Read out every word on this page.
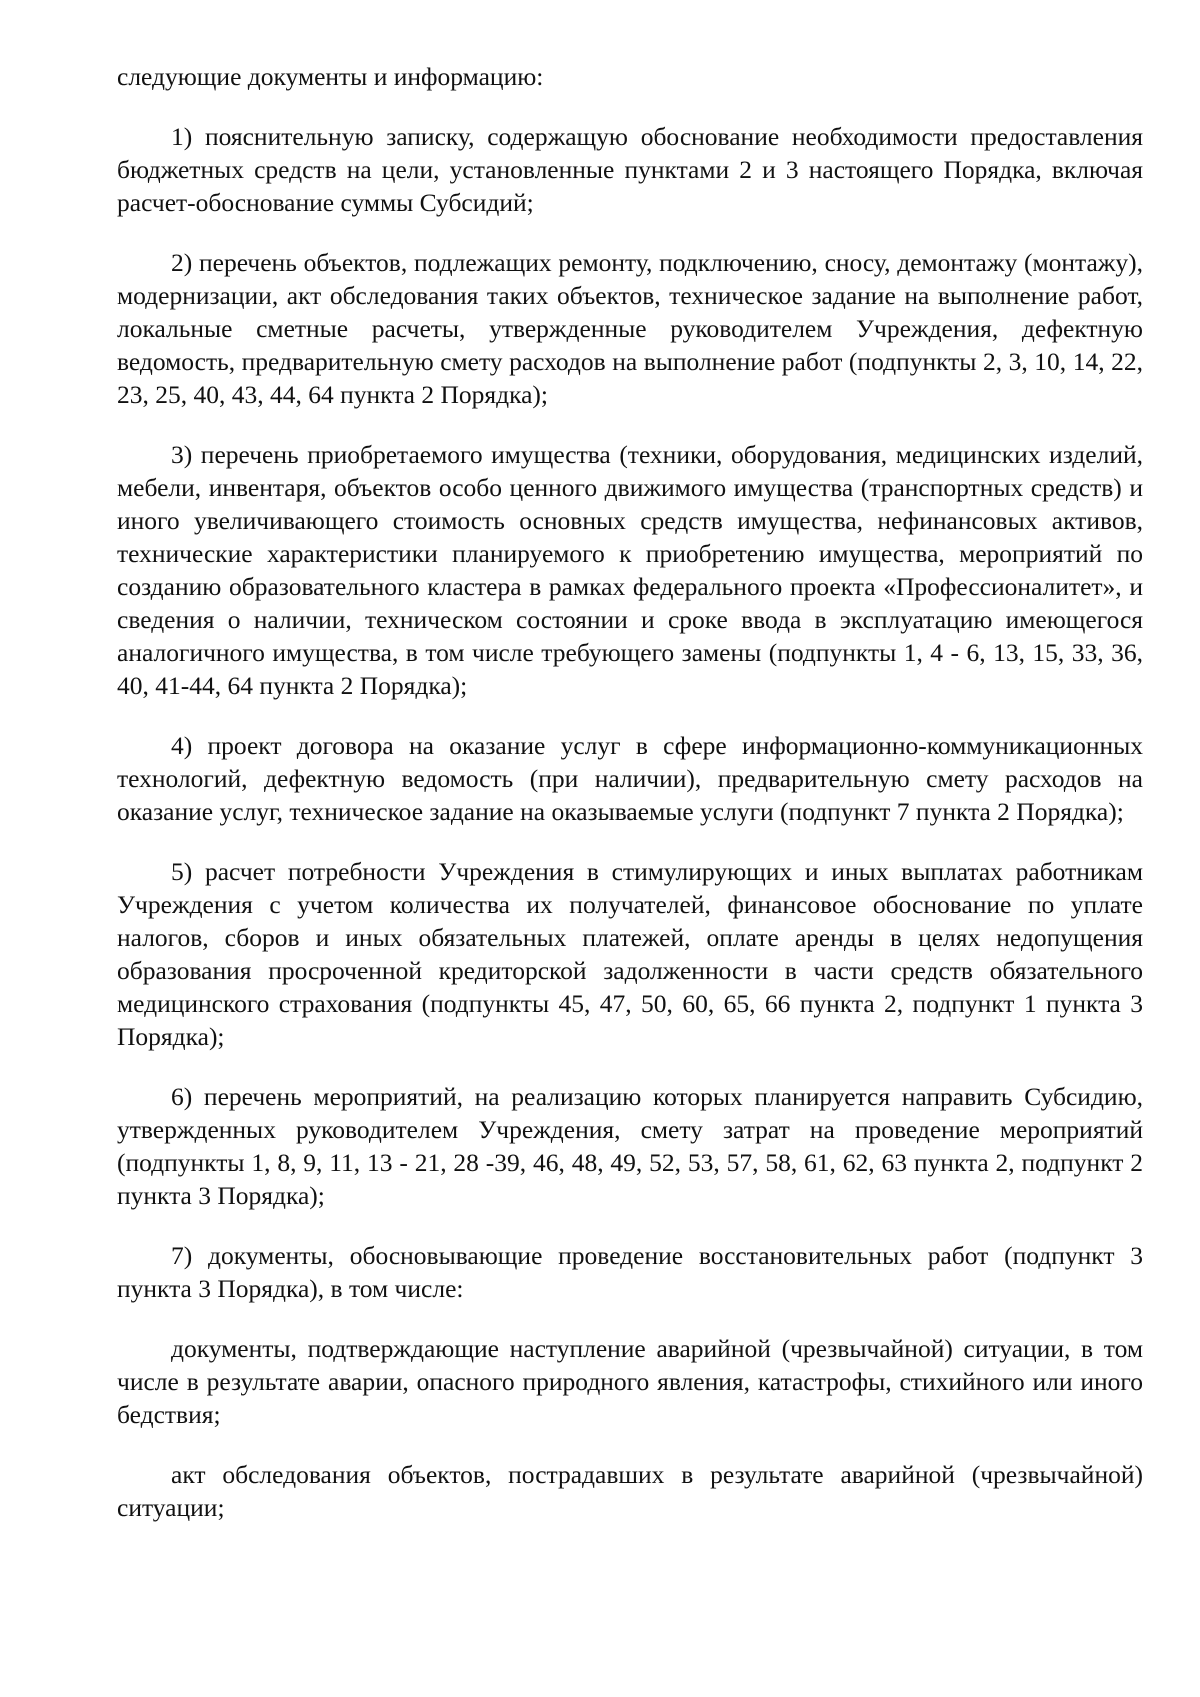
следующие документы и информацию:

1) пояснительную записку, содержащую обоснование необходимости предоставления бюджетных средств на цели, установленные пунктами 2 и 3 настоящего Порядка, включая расчет-обоснование суммы Субсидий;

2) перечень объектов, подлежащих ремонту, подключению, сносу, демонтажу (монтажу), модернизации, акт обследования таких объектов, техническое задание на выполнение работ, локальные сметные расчеты, утвержденные руководителем Учреждения, дефектную ведомость, предварительную смету расходов на выполнение работ (подпункты 2, 3, 10, 14, 22, 23, 25, 40, 43, 44, 64 пункта 2 Порядка);

3) перечень приобретаемого имущества (техники, оборудования, медицинских изделий, мебели, инвентаря, объектов особо ценного движимого имущества (транспортных средств) и иного увеличивающего стоимость основных средств имущества, нефинансовых активов, технические характеристики планируемого к приобретению имущества, мероприятий по созданию образовательного кластера в рамках федерального проекта «Профессионалитет», и сведения о наличии, техническом состоянии и сроке ввода в эксплуатацию имеющегося аналогичного имущества, в том числе требующего замены (подпункты 1, 4 - 6, 13, 15, 33, 36, 40, 41-44, 64 пункта 2 Порядка);

4) проект договора на оказание услуг в сфере информационно-коммуникационных технологий, дефектную ведомость (при наличии), предварительную смету расходов на оказание услуг, техническое задание на оказываемые услуги (подпункт 7 пункта 2 Порядка);

5) расчет потребности Учреждения в стимулирующих и иных выплатах работникам Учреждения с учетом количества их получателей, финансовое обоснование по уплате налогов, сборов и иных обязательных платежей, оплате аренды в целях недопущения образования просроченной кредиторской задолженности в части средств обязательного медицинского страхования (подпункты 45, 47, 50, 60, 65, 66 пункта 2, подпункт 1 пункта 3 Порядка);

6) перечень мероприятий, на реализацию которых планируется направить Субсидию, утвержденных руководителем Учреждения, смету затрат на проведение мероприятий (подпункты 1, 8, 9, 11, 13 - 21, 28 -39, 46, 48, 49, 52, 53, 57, 58, 61, 62, 63 пункта 2, подпункт 2 пункта 3 Порядка);

7) документы, обосновывающие проведение восстановительных работ (подпункт 3 пункта 3 Порядка), в том числе:

документы, подтверждающие наступление аварийной (чрезвычайной) ситуации, в том числе в результате аварии, опасного природного явления, катастрофы, стихийного или иного бедствия;

акт обследования объектов, пострадавших в результате аварийной (чрезвычайной) ситуации;
